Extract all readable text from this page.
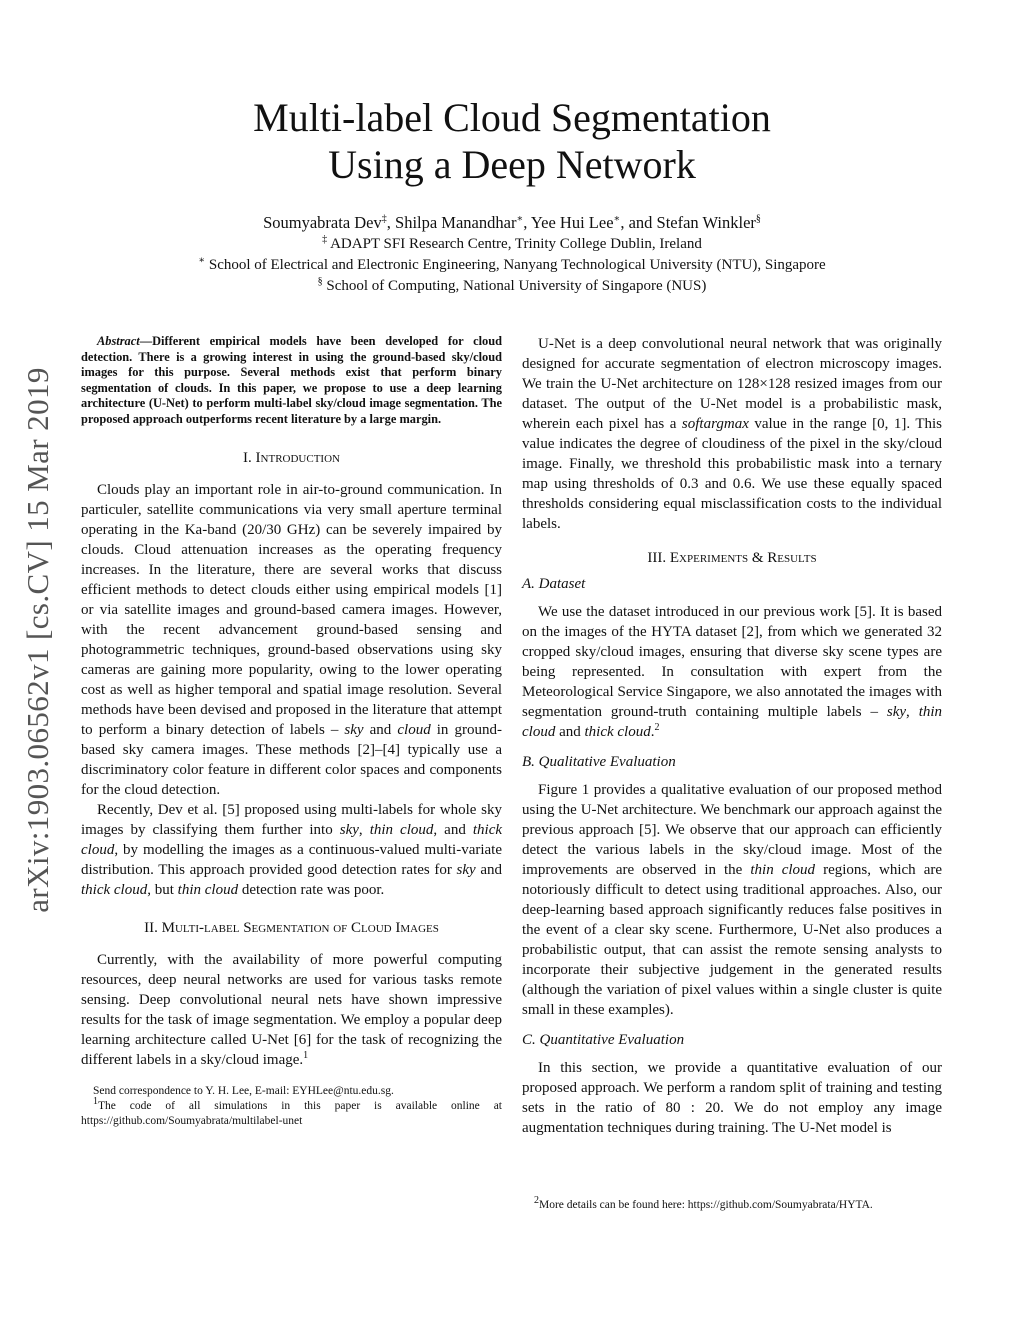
arXiv:1903.06562v1 [cs.CV] 15 Mar 2019
Multi-label Cloud Segmentation
Using a Deep Network
Soumyabrata Dev‡, Shilpa Manandhar∗, Yee Hui Lee∗, and Stefan Winkler§
‡ ADAPT SFI Research Centre, Trinity College Dublin, Ireland
∗ School of Electrical and Electronic Engineering, Nanyang Technological University (NTU), Singapore
§ School of Computing, National University of Singapore (NUS)

Abstract—Different empirical models have been developed for cloud detection. There is a growing interest in using the ground-based sky/cloud images for this purpose. Several methods exist that perform binary segmentation of clouds. In this paper, we propose to use a deep learning architecture (U-Net) to perform multi-label sky/cloud image segmentation. The proposed approach outperforms recent literature by a large margin.

I. Introduction

Clouds play an important role in air-to-ground communication. In particuler, satellite communications via very small aperture terminal operating in the Ka-band (20/30 GHz) can be severely impaired by clouds. Cloud attenuation increases as the operating frequency increases. In the literature, there are several works that discuss efficient methods to detect clouds either using empirical models [1] or via satellite images and ground-based camera images. However, with the recent advancement ground-based sensing and photogrammetric techniques, ground-based observations using sky cameras are gaining more popularity, owing to the lower operating cost as well as higher temporal and spatial image resolution. Several methods have been devised and proposed in the literature that attempt to perform a binary detection of labels – sky and cloud in ground-based sky camera images. These methods [2]–[4] typically use a discriminatory color feature in different color spaces and components for the cloud detection.

Recently, Dev et al. [5] proposed using multi-labels for whole sky images by classifying them further into sky, thin cloud, and thick cloud, by modelling the images as a continuous-valued multi-variate distribution. This approach provided good detection rates for sky and thick cloud, but thin cloud detection rate was poor.

II. Multi-label Segmentation of Cloud Images

Currently, with the availability of more powerful computing resources, deep neural networks are used for various tasks remote sensing. Deep convolutional neural nets have shown impressive results for the task of image segmentation. We employ a popular deep learning architecture called U-Net [6] for the task of recognizing the different labels in a sky/cloud image.$^1$

Send correspondence to Y. H. Lee, E-mail: EYHLee@ntu.edu.sg.

$^1$The code of all simulations in this paper is available online at https://github.com/Soumyabrata/multilabel-unet

U-Net is a deep convolutional neural network that was originally designed for accurate segmentation of electron microscopy images. We train the U-Net architecture on 128×128 resized images from our dataset. The output of the U-Net model is a probabilistic mask, wherein each pixel has a softargmax value in the range [0, 1]. This value indicates the degree of cloudiness of the pixel in the sky/cloud image. Finally, we threshold this probabilistic mask into a ternary map using thresholds of 0.3 and 0.6. We use these equally spaced thresholds considering equal misclassification costs to the individual labels.

III. Experiments & Results
A. Dataset

We use the dataset introduced in our previous work [5]. It is based on the images of the HYTA dataset [2], from which we generated 32 cropped sky/cloud images, ensuring that diverse sky scene types are being represented. In consultation with expert from the Meteorological Service Singapore, we also annotated the images with segmentation ground-truth containing multiple labels – sky, thin cloud and thick cloud.$^2$

B. Qualitative Evaluation

Figure 1 provides a qualitative evaluation of our proposed method using the U-Net architecture. We benchmark our approach against the previous approach [5]. We observe that our approach can efficiently detect the various labels in the sky/cloud image. Most of the improvements are observed in the thin cloud regions, which are notoriously difficult to detect using traditional approaches. Also, our deep-learning based approach significantly reduces false positives in the event of a clear sky scene. Furthermore, U-Net also produces a probabilistic output, that can assist the remote sensing analysts to incorporate their subjective judgement in the generated results (although the variation of pixel values within a single cluster is quite small in these examples).

C. Quantitative Evaluation

In this section, we provide a quantitative evaluation of our proposed approach. We perform a random split of training and testing sets in the ratio of 80 : 20. We do not employ any image augmentation techniques during training. The U-Net model is

$^2$More details can be found here: https://github.com/Soumyabrata/HYTA.
